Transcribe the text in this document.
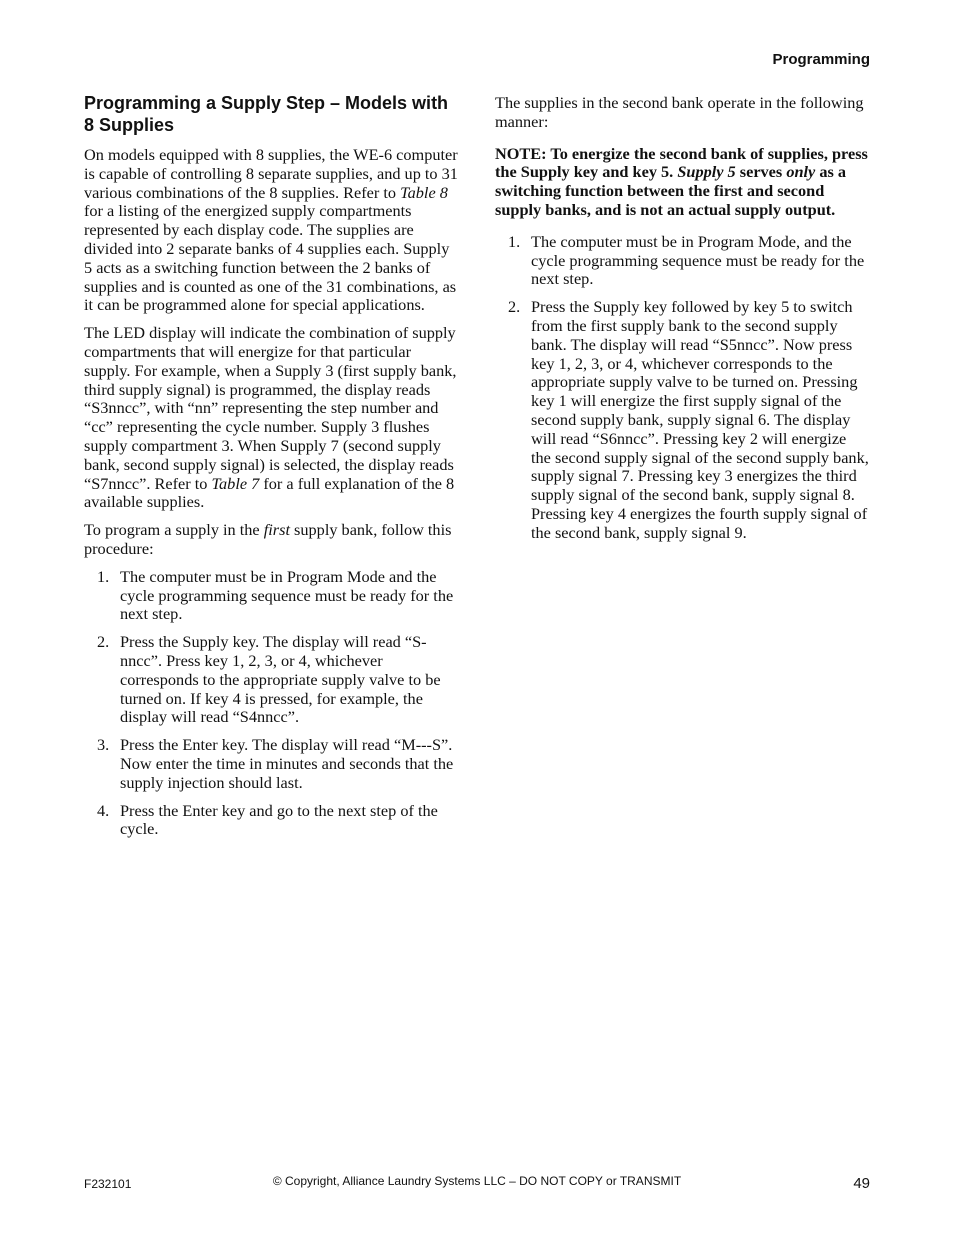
Programming
Programming a Supply Step – Models with 8 Supplies

On models equipped with 8 supplies, the WE-6 computer is capable of controlling 8 separate supplies, and up to 31 various combinations of the 8 supplies. Refer to Table 8 for a listing of the energized supply compartments represented by each display code. The supplies are divided into 2 separate banks of 4 supplies each. Supply 5 acts as a switching function between the 2 banks of supplies and is counted as one of the 31 combinations, as it can be programmed alone for special applications.

The LED display will indicate the combination of supply compartments that will energize for that particular supply. For example, when a Supply 3 (first supply bank, third supply signal) is programmed, the display reads “S3nncc”, with “nn” representing the step number and “cc” representing the cycle number. Supply 3 flushes supply compartment 3. When Supply 7 (second supply bank, second supply signal) is selected, the display reads “S7nncc”. Refer to Table 7 for a full explanation of the 8 available supplies.

To program a supply in the first supply bank, follow this procedure:

1. The computer must be in Program Mode and the cycle programming sequence must be ready for the next step.
2. Press the Supply key. The display will read “S-nncc”. Press key 1, 2, 3, or 4, whichever corresponds to the appropriate supply valve to be turned on. If key 4 is pressed, for example, the display will read “S4nncc”.
3. Press the Enter key. The display will read “M---S”. Now enter the time in minutes and seconds that the supply injection should last.
4. Press the Enter key and go to the next step of the cycle.

The supplies in the second bank operate in the following manner:

NOTE: To energize the second bank of supplies, press the Supply key and key 5. Supply 5 serves only as a switching function between the first and second supply banks, and is not an actual supply output.

1. The computer must be in Program Mode, and the cycle programming sequence must be ready for the next step.
2. Press the Supply key followed by key 5 to switch from the first supply bank to the second supply bank. The display will read “S5nncc”. Now press key 1, 2, 3, or 4, whichever corresponds to the appropriate supply valve to be turned on. Pressing key 1 will energize the first supply signal of the second supply bank, supply signal 6. The display will read “S6nncc”. Pressing key 2 will energize the second supply signal of the second supply bank, supply signal 7. Pressing key 3 energizes the third supply signal of the second bank, supply signal 8. Pressing key 4 energizes the fourth supply signal of the second bank, supply signal 9.
F232101	© Copyright, Alliance Laundry Systems LLC – DO NOT COPY or TRANSMIT	49
